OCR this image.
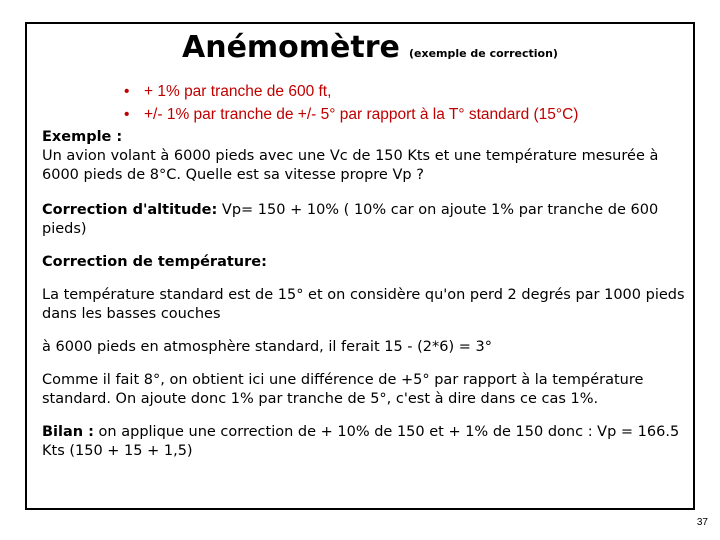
Anémomètre (exemple de correction)
• + 1% par tranche de 600 ft,
• +/- 1% par tranche de +/- 5° par rapport à la T° standard (15°C)

Exemple :

Un avion volant à 6000 pieds avec une Vc de 150 Kts et une température mesurée à 6000 pieds de 8°C. Quelle est sa vitesse propre Vp ?

Correction d'altitude: Vp= 150 + 10% ( 10% car on ajoute 1% par tranche de 600 pieds)

Correction de température:

La température standard est de 15° et on considère qu'on perd 2 degrés par 1000 pieds dans les basses couches

à 6000 pieds en atmosphère standard, il ferait 15 - (2*6) = 3°

Comme il fait 8°, on obtient ici une différence de +5° par rapport à la température standard. On ajoute donc 1% par tranche de 5°, c'est à dire dans ce cas 1%.

Bilan : on applique une correction de + 10% de 150 et + 1% de 150 donc : Vp = 166.5 Kts (150 + 15 + 1,5)

37
